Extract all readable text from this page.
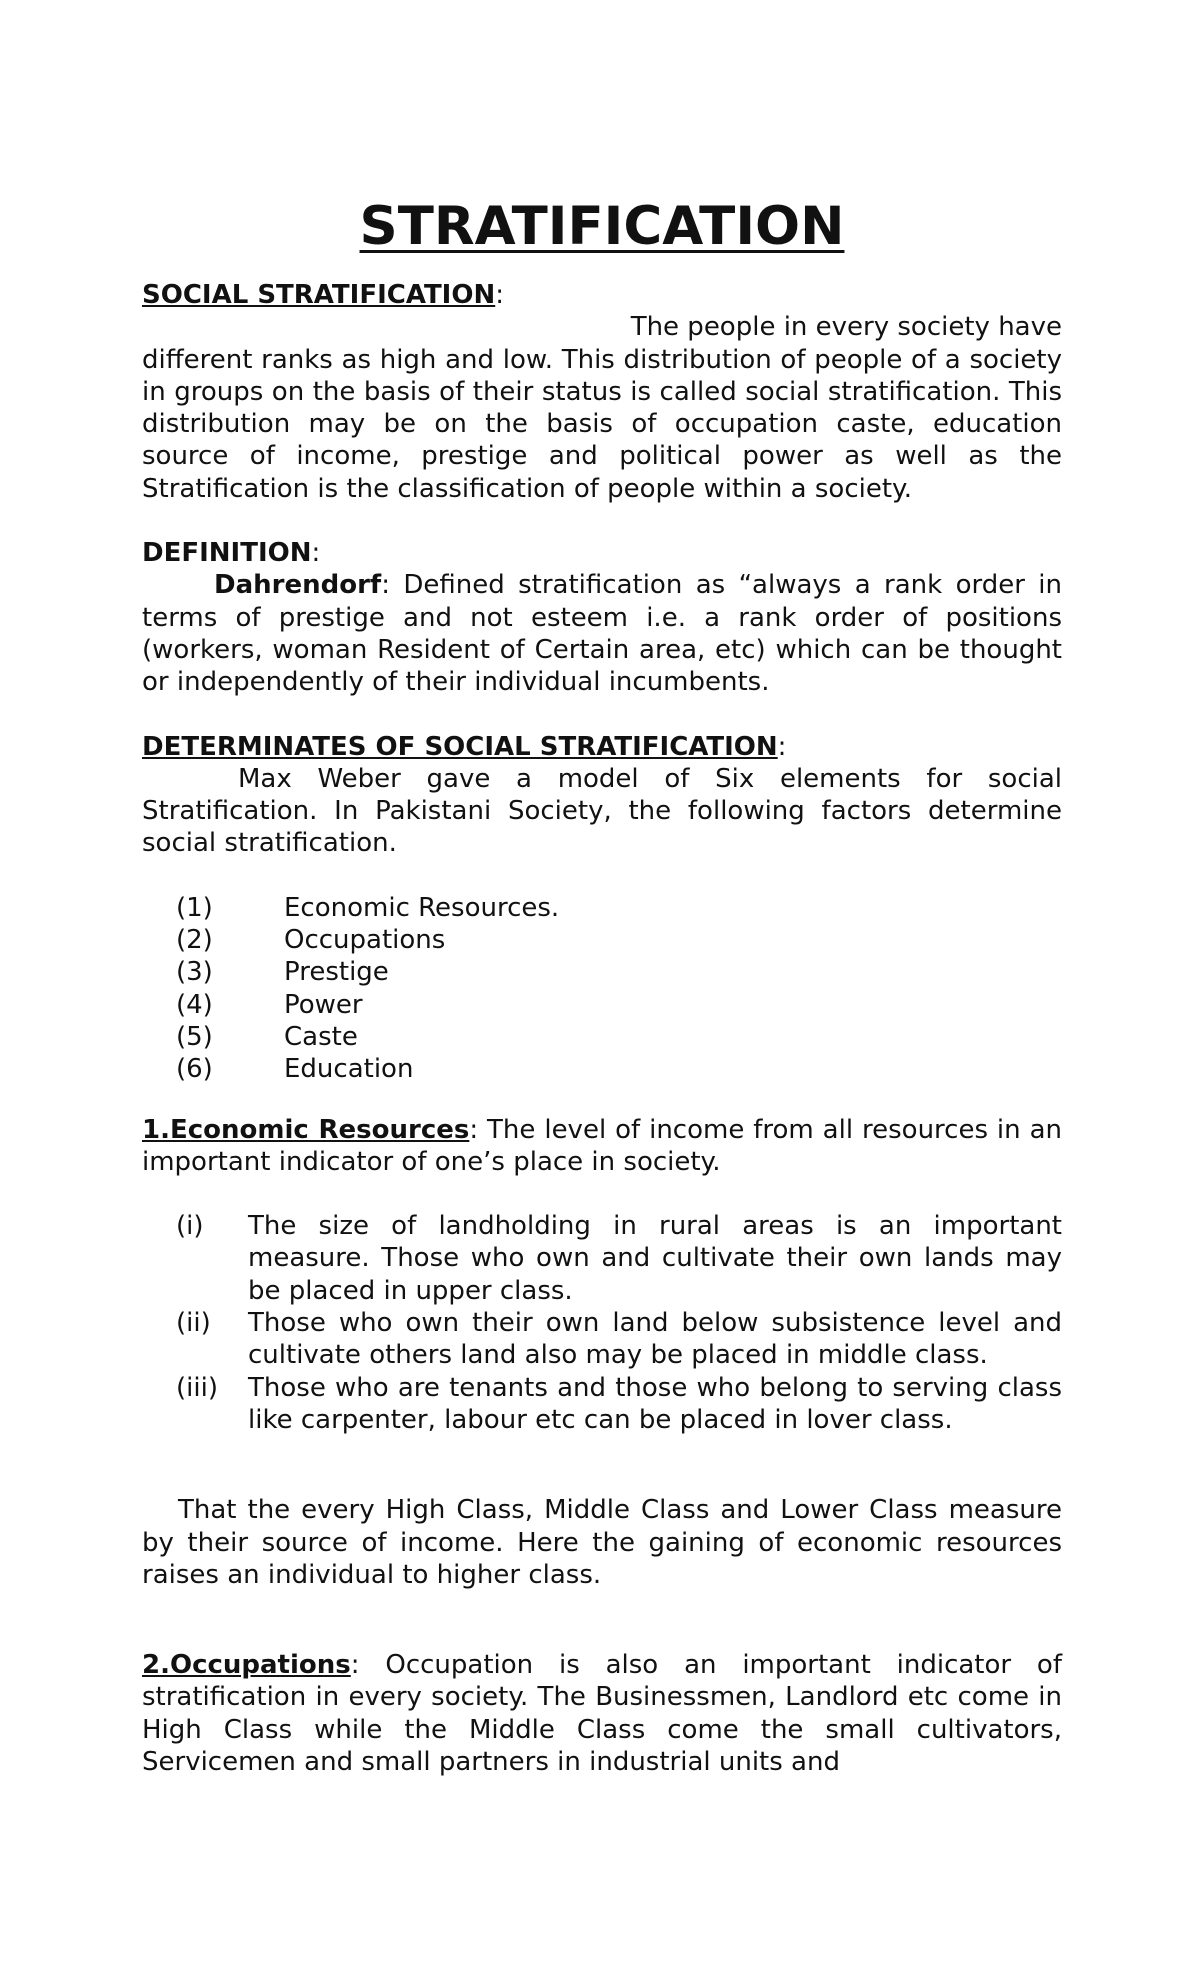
STRATIFICATION
SOCIAL STRATIFICATION:
The people in every society have

different ranks as high and low. This distribution of people of a society in groups on the basis of their status is called social stratification. This distribution may be on the basis of occupation caste, education source of income, prestige and political power as well as the Stratification is the classification of people within a society.

DEFINITION:

Dahrendorf: Defined stratification as “always a rank order in terms of prestige and not esteem i.e. a rank order of positions (workers, woman Resident of Certain area, etc) which can be thought or independently of their individual incumbents.

DETERMINATES OF SOCIAL STRATIFICATION:

Max Weber gave a model of Six elements for social Stratification. In Pakistani Society, the following factors determine social stratification.

(1)	Economic Resources.
(2)	Occupations
(3)	Prestige
(4)	Power
(5)	Caste
(6)	Education

1.Economic Resources: The level of income from all resources in an important indicator of one’s place in society.

(i)	The size of landholding in rural areas is an important measure. Those who own and cultivate their own lands may be placed in upper class.
(ii)	Those who own their own land below subsistence level and cultivate others land also may be placed in middle class.
(iii)	Those who are tenants and those who belong to serving class like carpenter, labour etc can be placed in lover class.

That the every High Class, Middle Class and Lower Class measure by their source of income. Here the gaining of economic resources raises an individual to higher class.

2.Occupations: Occupation is also an important indicator of stratification in every society. The Businessmen, Landlord etc come in High Class while the Middle Class come the small cultivators, Servicemen and small partners in industrial units and
